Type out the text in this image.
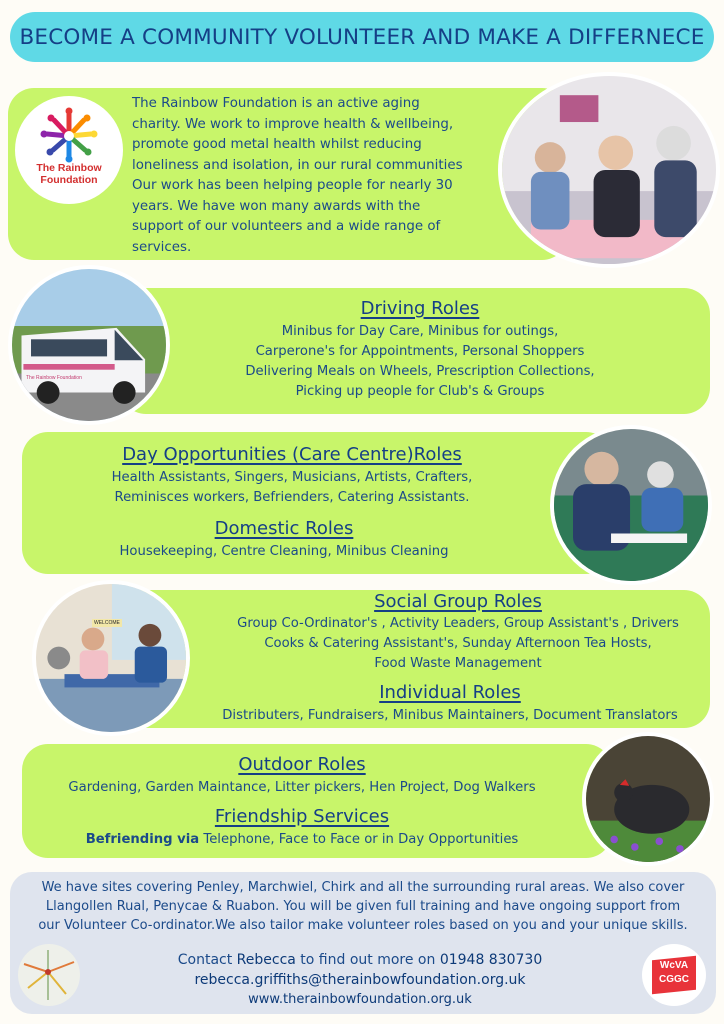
BECOME A COMMUNITY VOLUNTEER AND MAKE A DIFFERNECE
The Rainbow
Foundation
The Rainbow Foundation is an active aging
charity. We work to improve health & wellbeing,
promote good metal health whilst reducing
loneliness and isolation, in our rural communities
Our work has been helping people for nearly 30
years. We have won many awards with the
support of our volunteers and a wide range of
services.
The Rainbow Foundation
Driving Roles
Minibus for Day Care, Minibus for outings,
Carperone's for Appointments, Personal Shoppers
Delivering Meals on Wheels, Prescription Collections,
Picking up people for Club's & Groups
Day Opportunities (Care Centre)Roles
Health Assistants, Singers, Musicians, Artists, Crafters,
Reminisces workers, Befrienders, Catering Assistants.
Domestic Roles
Housekeeping, Centre Cleaning, Minibus Cleaning
WELCOME
Social Group Roles
Group Co-Ordinator's , Activity Leaders, Group Assistant's , Drivers
Cooks & Catering Assistant's, Sunday Afternoon Tea Hosts,
Food Waste Management
Individual Roles
Distributers, Fundraisers, Minibus Maintainers, Document Translators
Outdoor Roles
Gardening, Garden Maintance, Litter pickers, Hen Project, Dog Walkers
Friendship Services
Befriending via Telephone, Face to Face or in Day Opportunities
We have sites covering Penley, Marchwiel, Chirk and all the surrounding rural areas. We also cover
Llangollen Rual, Penycae & Ruabon. You will be given full training and have ongoing support from
our Volunteer Co-ordinator.We also tailor make volunteer roles based on you and your unique skills.
Contact Rebecca to find out more on 01948 830730
rebecca.griffiths@therainbowfoundation.org.uk
www.therainbowfoundation.org.uk
WcVA
CGGC
